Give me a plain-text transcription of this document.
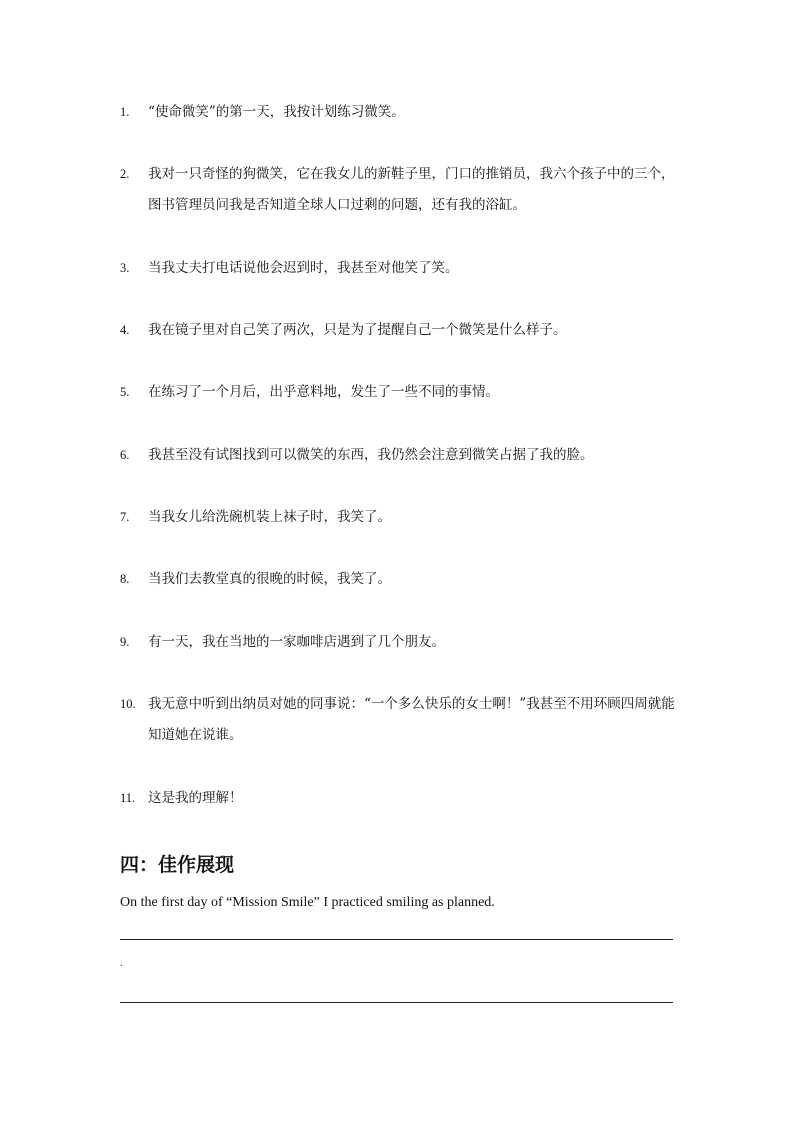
1.	“使命微笑”的第一天，我按计划练习微笑。
2.	我对一只奇怪的狗微笑，它在我女儿的新鞋子里，门口的推销员，我六个孩子中的三个，图书管理员问我是否知道全球人口过剩的问题，还有我的浴缸。
3.	当我丈夫打电话说他会迟到时，我甚至对他笑了笑。
4.	我在镜子里对自己笑了两次，只是为了提醒自己一个微笑是什么样子。
5.	在练习了一个月后，出乎意料地，发生了一些不同的事情。
6.	我甚至没有试图找到可以微笑的东西，我仍然会注意到微笑占据了我的脸。
7.	当我女儿给洗碗机装上袜子时，我笑了。
8.	当我们去教堂真的很晚的时候，我笑了。
9.	有一天，我在当地的一家咖啡店遇到了几个朋友。
10. 我无意中听到出纳员对她的同事说：“一个多么快乐的女士啊！”我甚至不用环顾四周就能知道她在说谁。
11. 这是我的理解！
四：佳作展现
On the first day of “Mission Smile” I practiced smiling as planned.
.
